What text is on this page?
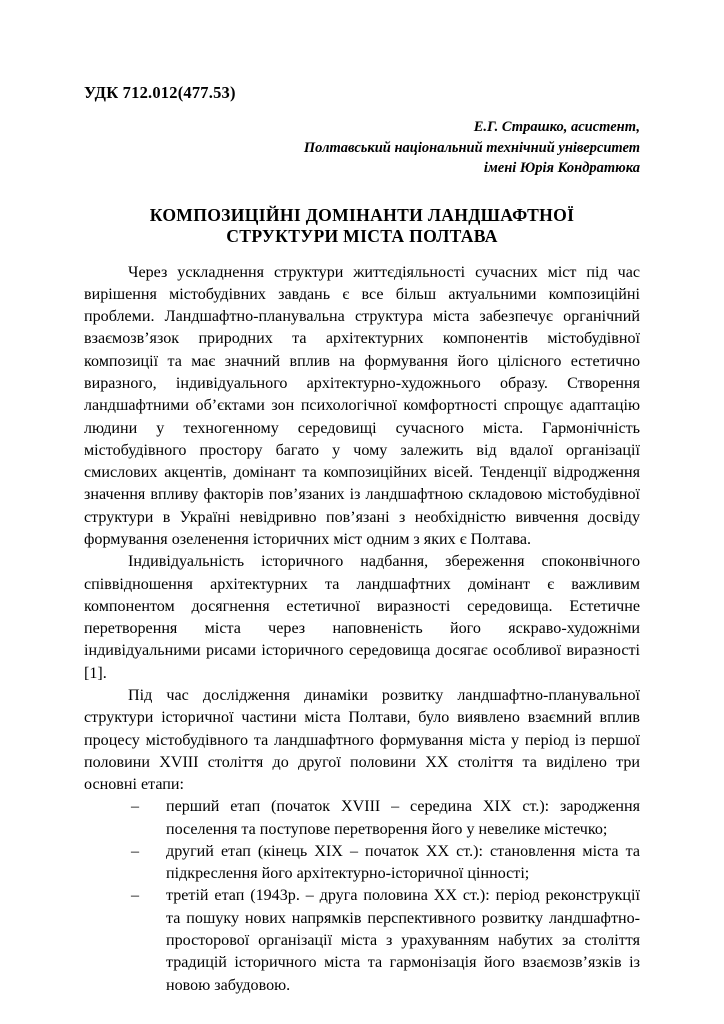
УДК 712.012(477.53)
Е.Г. Страшко, асистент,
Полтавський національний технічний університет
імені Юрія Кондратюка
КОМПОЗИЦІЙНІ ДОМІНАНТИ ЛАНДШАФТНОЇ
СТРУКТУРИ МІСТА ПОЛТАВА

Через ускладнення структури життєдіяльності сучасних міст під час вирішення містобудівних завдань є все більш актуальними композиційні проблеми. Ландшафтно-планувальна структура міста забезпечує органічний взаємозв’язок природних та архітектурних компонентів містобудівної композиції та має значний вплив на формування його цілісного естетично виразного, індивідуального архітектурно-художнього образу. Створення ландшафтними об’єктами зон психологічної комфортності спрощує адаптацію людини у техногенному середовищі сучасного міста. Гармонічність містобудівного простору багато у чому залежить від вдалої організації смислових акцентів, домінант та композиційних вісей. Тенденції відродження значення впливу факторів пов’язаних із ландшафтною складовою містобудівної структури в Україні невідривно пов’язані з необхідністю вивчення досвіду формування озеленення історичних міст одним з яких є Полтава.

Індивідуальність історичного надбання, збереження споконвічного співвідношення архітектурних та ландшафтних домінант є важливим компонентом досягнення естетичної виразності середовища. Естетичне перетворення міста через наповненість його яскраво-художніми індивідуальними рисами історичного середовища досягає особливої виразності [1].

Під час дослідження динаміки розвитку ландшафтно-планувальної структури історичної частини міста Полтави, було виявлено взаємний вплив процесу містобудівного та ландшафтного формування міста у період із першої половини XVIII століття до другої половини XX століття та виділено три основні етапи:

– перший етап (початок XVIII – середина XIX ст.): зародження поселення та поступове перетворення його у невелике містечко;
– другий етап (кінець XIX – початок XX ст.): становлення міста та підкреслення його архітектурно-історичної цінності;
– третій етап (1943р. – друга половина XX ст.): період реконструкції та пошуку нових напрямків перспективного розвитку ландшафтно-просторової організації міста з урахуванням набутих за століття традицій історичного міста та гармонізація його взаємозв’язків із новою забудовою.
